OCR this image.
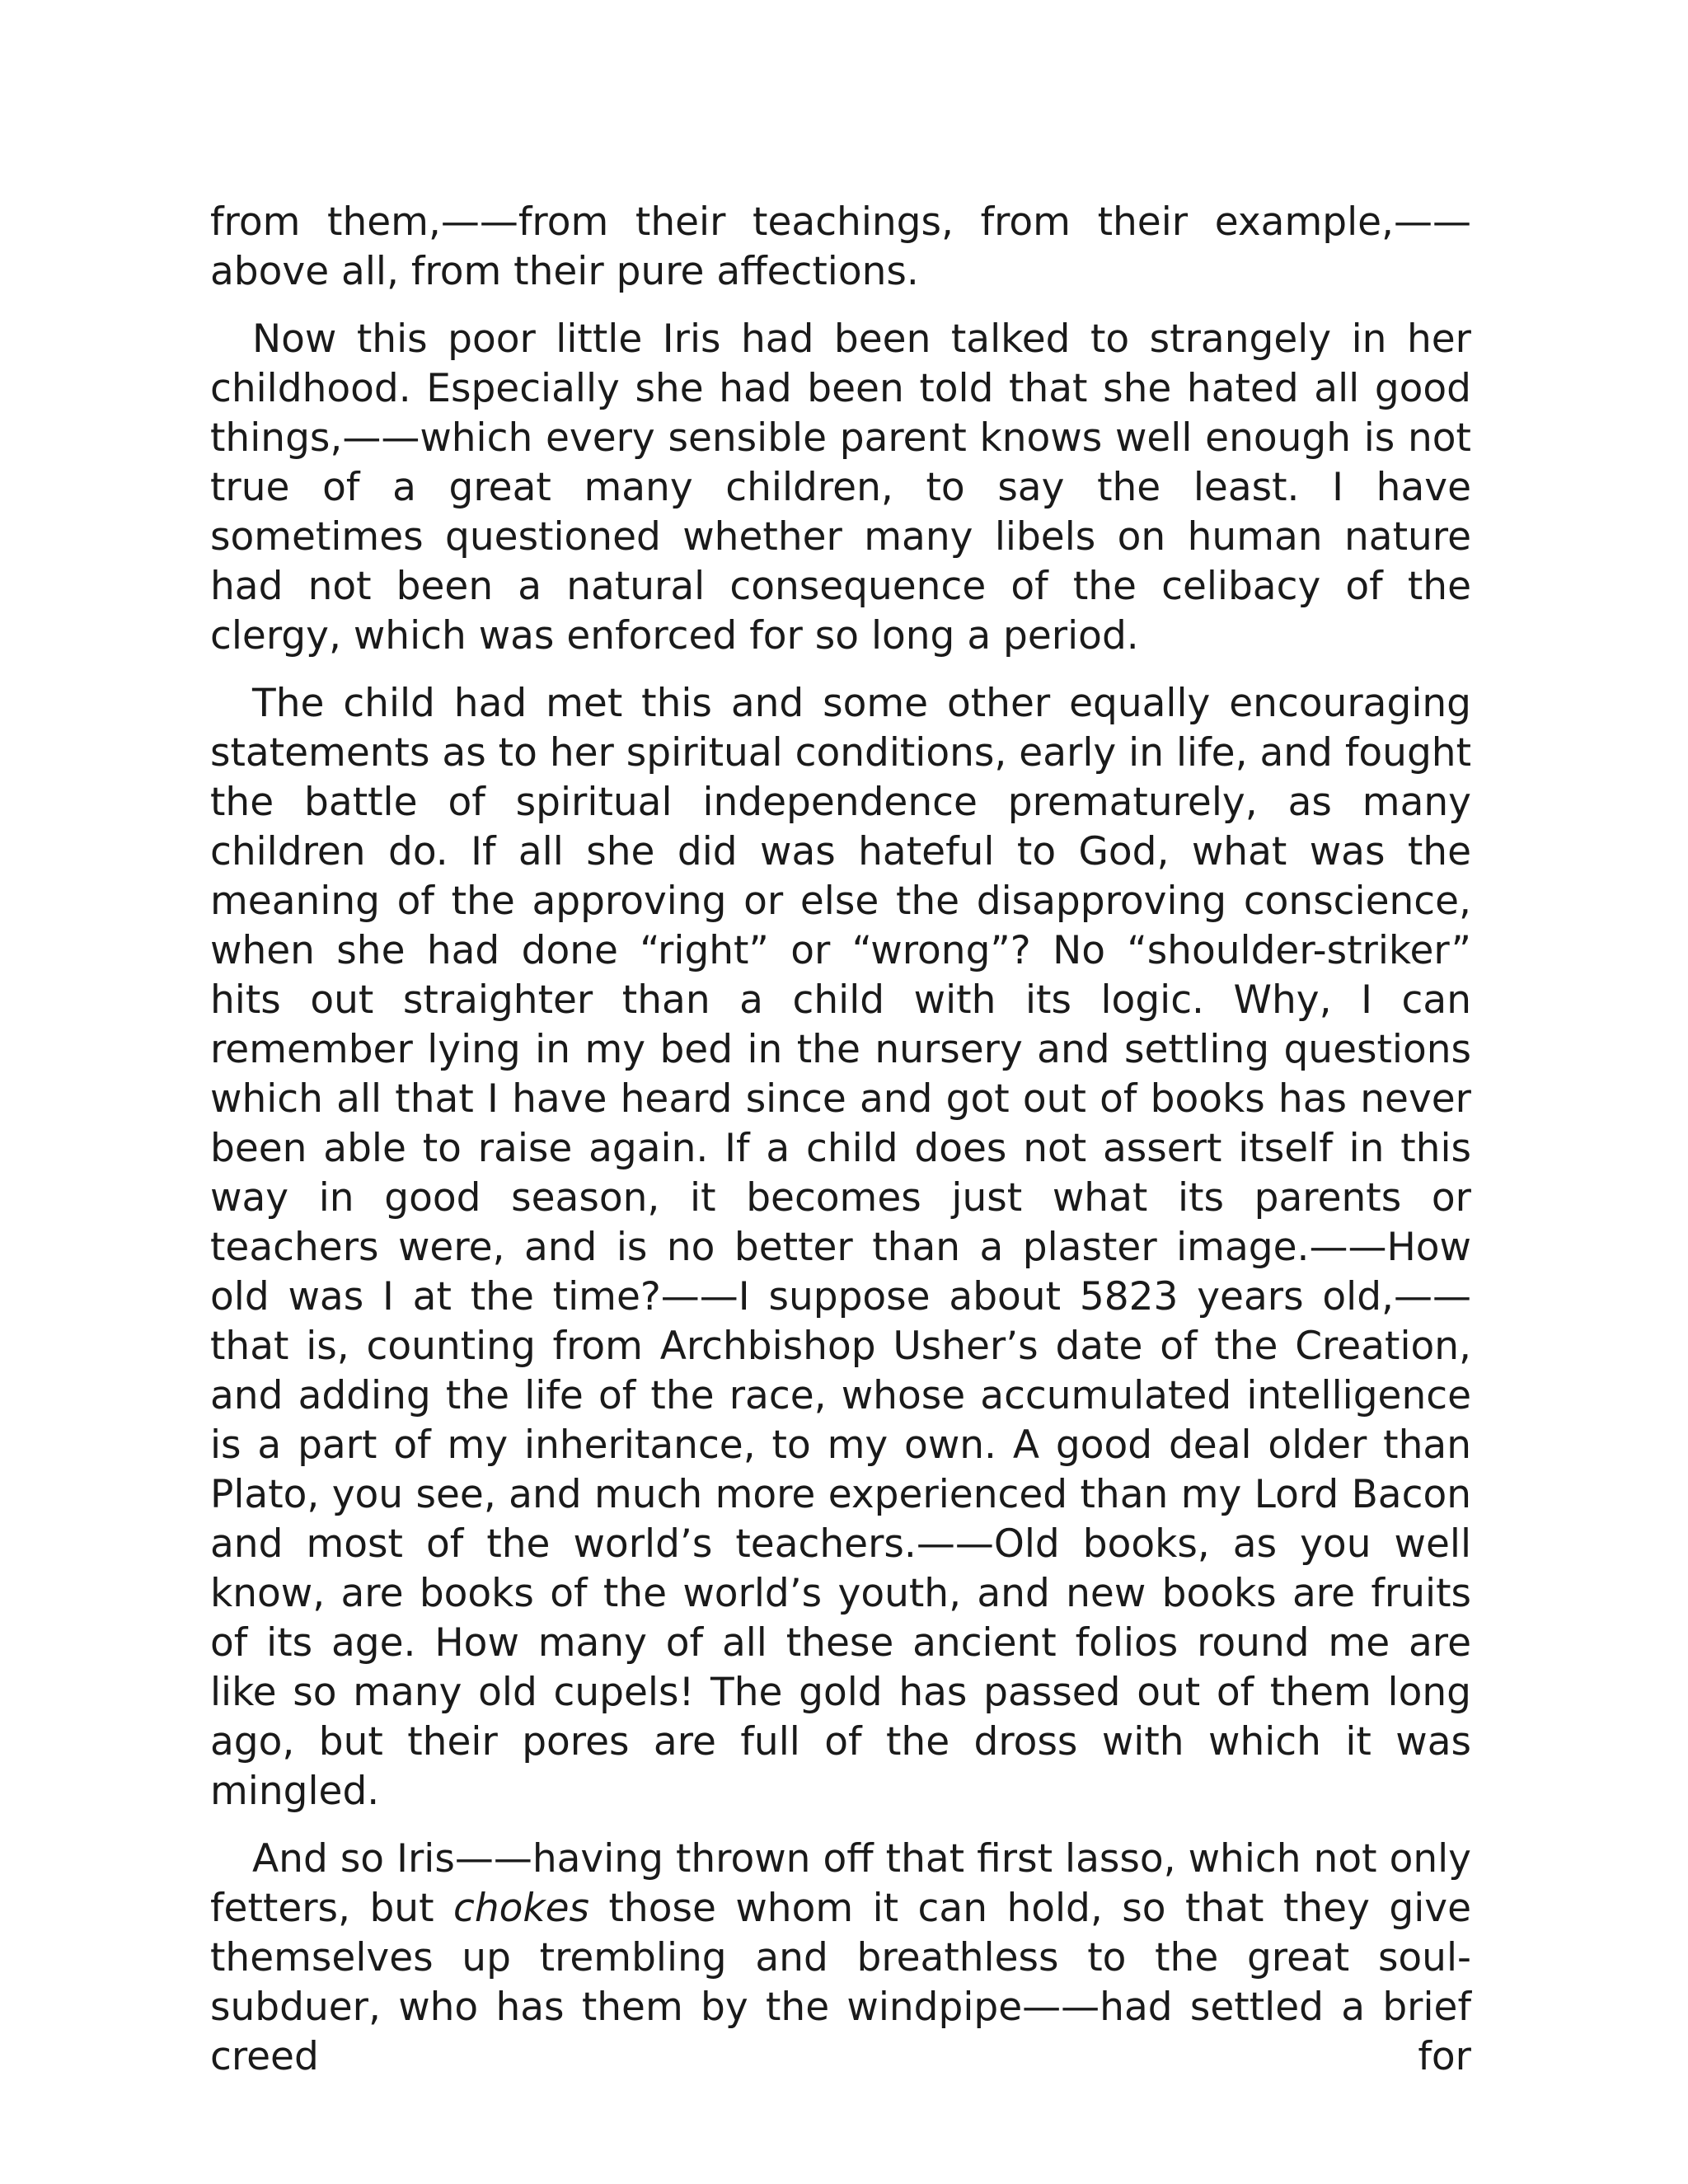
from them,——from their teachings, from their example,——above all, from their pure affections.

Now this poor little Iris had been talked to strangely in her childhood. Especially she had been told that she hated all good things,——which every sensible parent knows well enough is not true of a great many children, to say the least. I have sometimes questioned whether many libels on human nature had not been a natural consequence of the celibacy of the clergy, which was enforced for so long a period.

The child had met this and some other equally encouraging statements as to her spiritual conditions, early in life, and fought the battle of spiritual independence prematurely, as many children do. If all she did was hateful to God, what was the meaning of the approving or else the disapproving conscience, when she had done “right” or “wrong”? No “shoulder-striker” hits out straighter than a child with its logic. Why, I can remember lying in my bed in the nursery and settling questions which all that I have heard since and got out of books has never been able to raise again. If a child does not assert itself in this way in good season, it becomes just what its parents or teachers were, and is no better than a plaster image.——How old was I at the time?——I suppose about 5823 years old,——that is, counting from Archbishop Usher’s date of the Creation, and adding the life of the race, whose accumulated intelligence is a part of my inheritance, to my own. A good deal older than Plato, you see, and much more experienced than my Lord Bacon and most of the world’s teachers.——Old books, as you well know, are books of the world’s youth, and new books are fruits of its age. How many of all these ancient folios round me are like so many old cupels! The gold has passed out of them long ago, but their pores are full of the dross with which it was mingled.

And so Iris——having thrown off that first lasso, which not only fetters, but chokes those whom it can hold, so that they give themselves up trembling and breathless to the great soul-subduer, who has them by the windpipe——had settled a brief creed for
